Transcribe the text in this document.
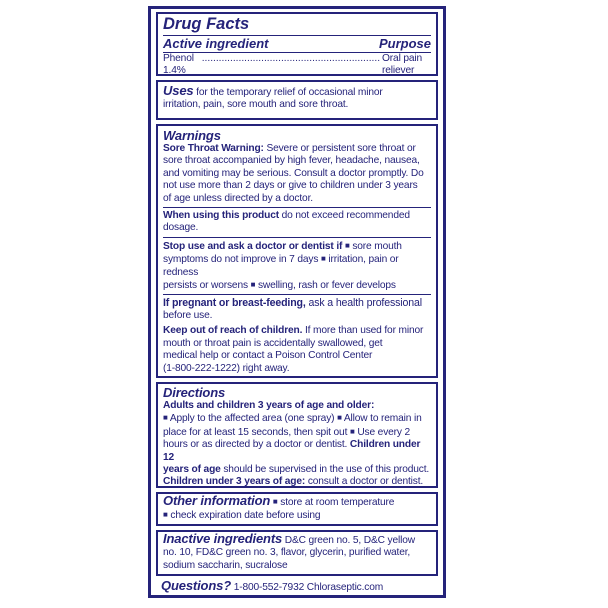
Drug Facts
Active ingredient	Purpose
Phenol 1.4%
............................................................... Oral pain reliever

Uses for the temporary relief of occasional minor

irritation, pain, sore mouth and sore throat.

Warnings

Sore Throat Warning: Severe or persistent sore throat or

sore throat accompanied by high fever, headache, nausea,

and vomiting may be serious. Consult a doctor promptly. Do

not use more than 2 days or give to children under 3 years

of age unless directed by a doctor.

When using this product do not exceed recommended dosage.

Stop use and ask a doctor or dentist if ■ sore mouth

symptoms do not improve in 7 days ■ irritation, pain or redness

persists or worsens ■ swelling, rash or fever develops

If pregnant or breast-feeding, ask a health professional

before use.

Keep out of reach of children. If more than used for minor

mouth or throat pain is accidentally swallowed, get

medical help or contact a Poison Control Center

(1-800-222-1222) right away.

Directions

Adults and children 3 years of age and older:

■ Apply to the affected area (one spray) ■ Allow to remain in

place for at least 15 seconds, then spit out ■ Use every 2

hours or as directed by a doctor or dentist. Children under 12

years of age should be supervised in the use of this product.

Children under 3 years of age: consult a doctor or dentist.

Other information ■ store at room temperature

■ check expiration date before using

Inactive ingredients D&C green no. 5, D&C yellow

no. 10, FD&C green no. 3, flavor, glycerin, purified water,

sodium saccharin, sucralose

Questions? 1-800-552-7932 Chloraseptic.com
